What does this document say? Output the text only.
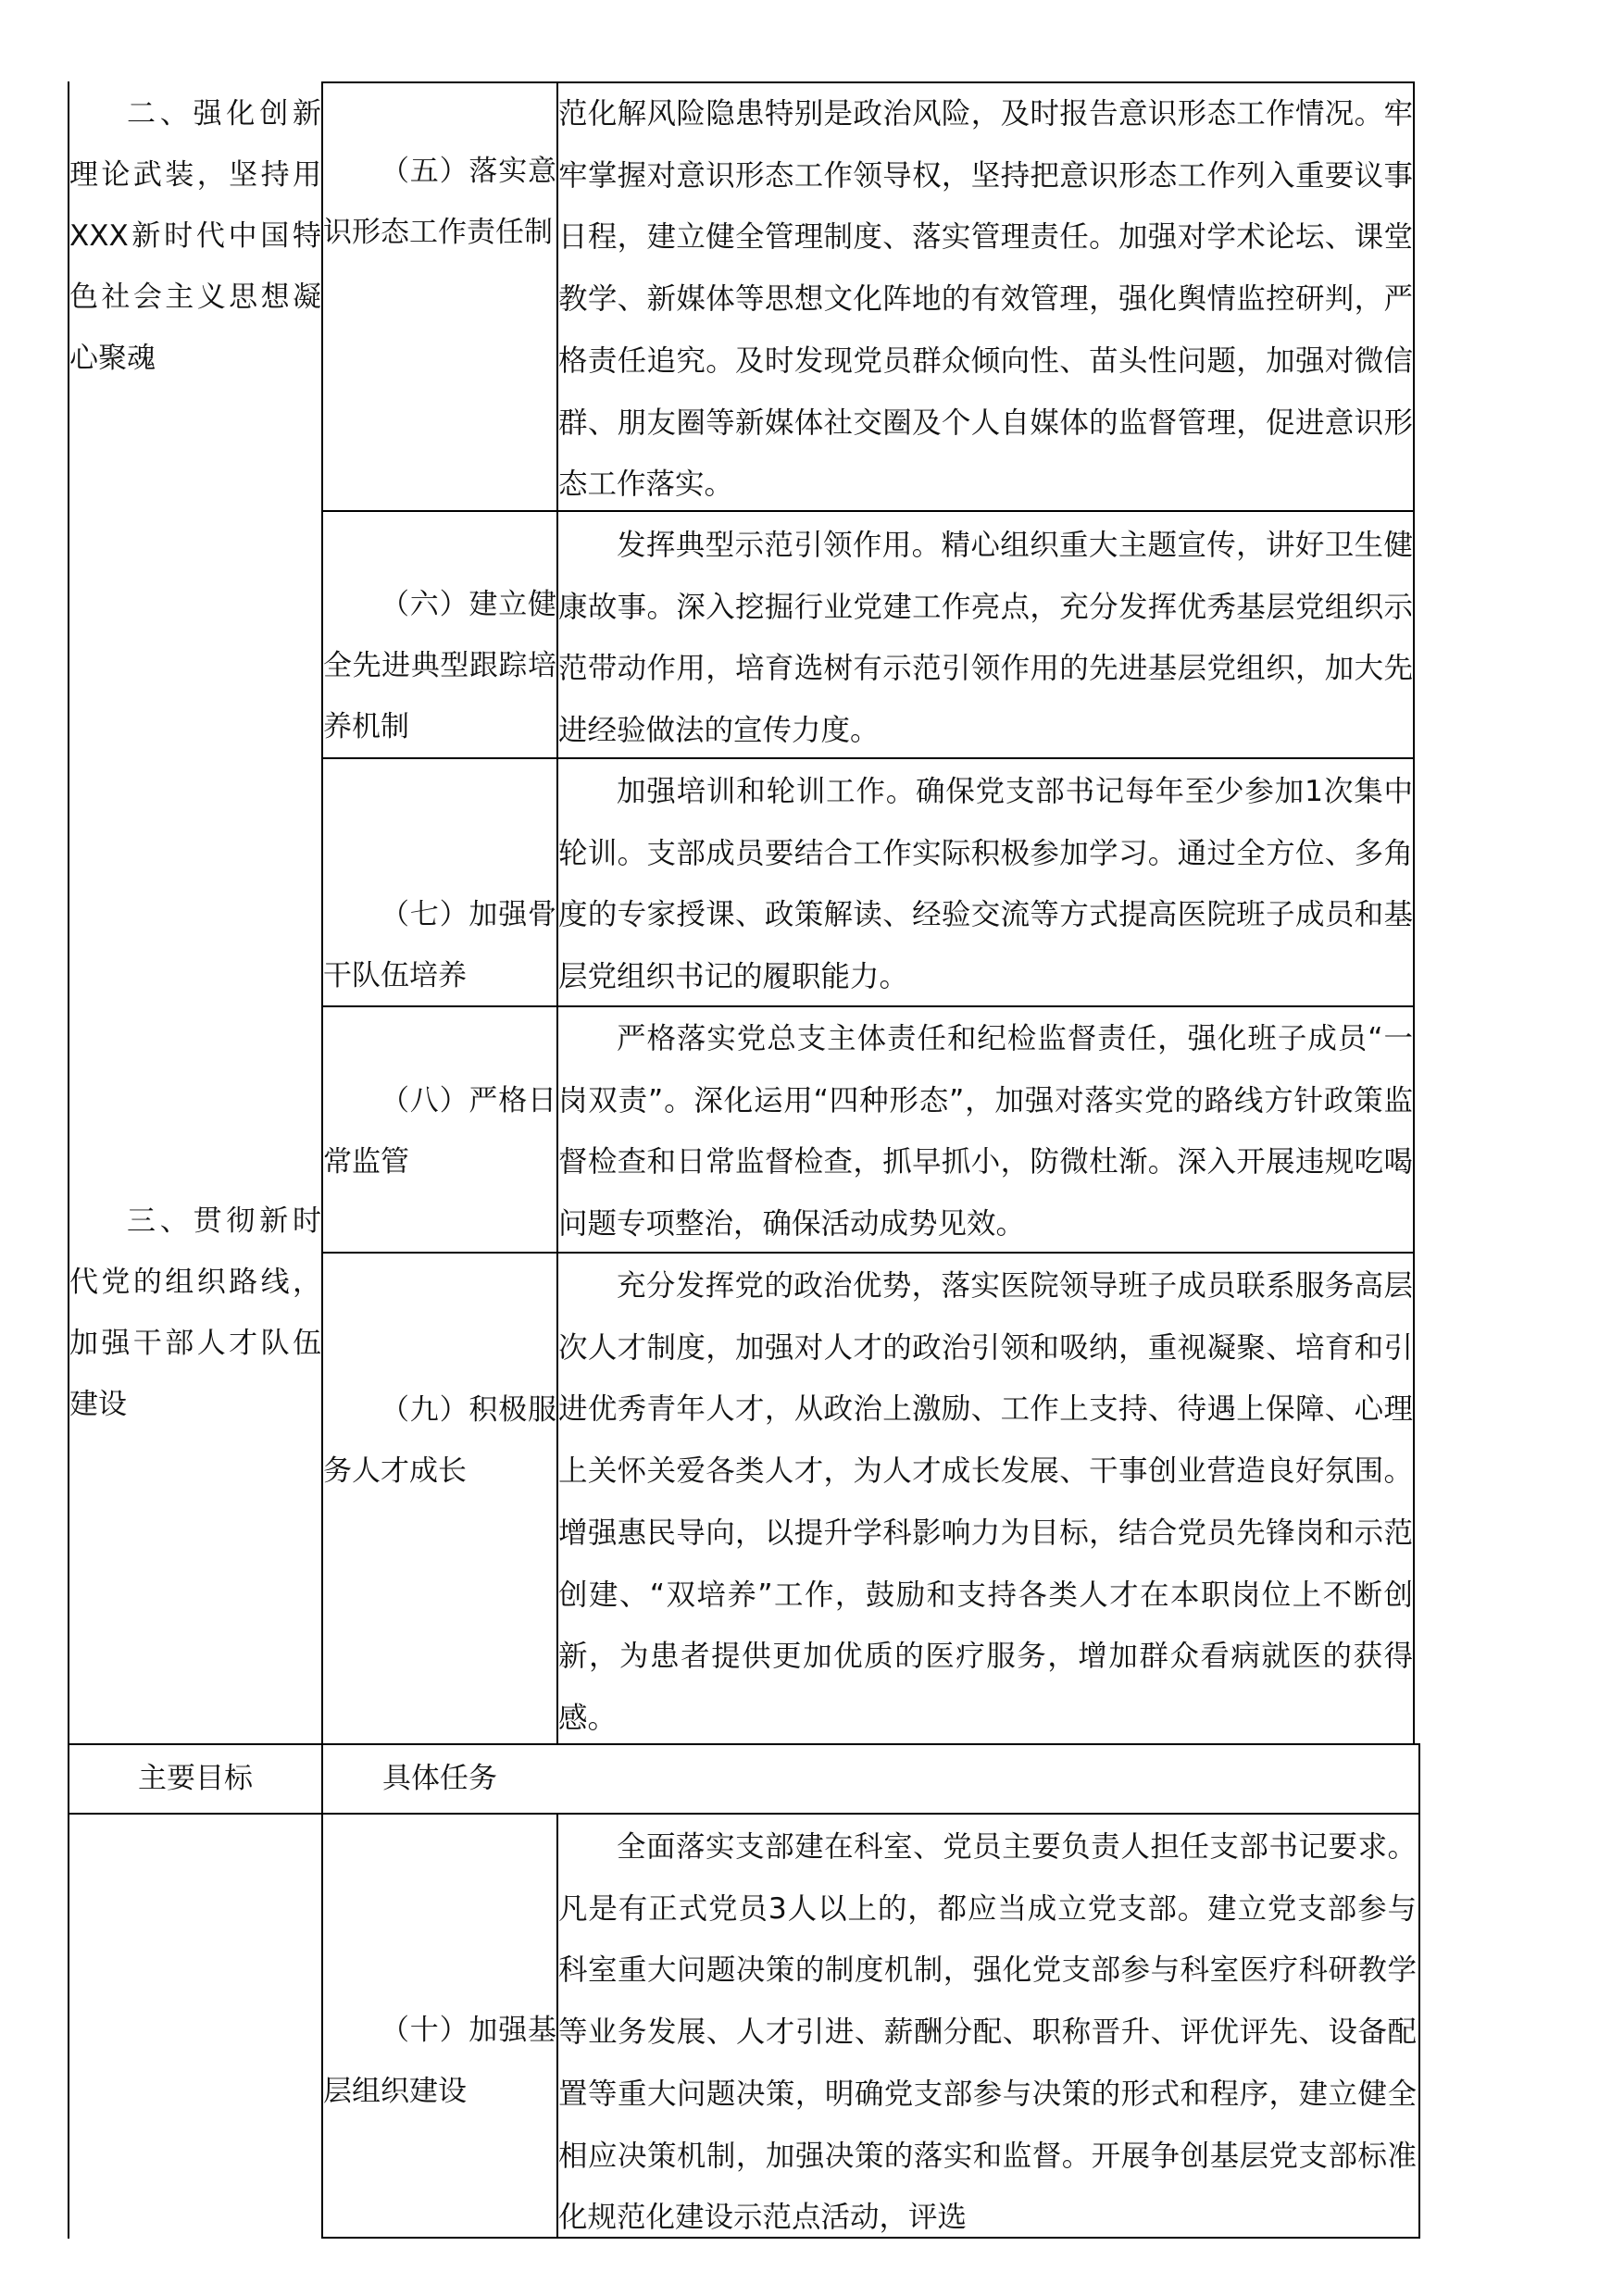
二、强化创新理论武装，坚持用XXX新时代中国特色社会主义思想凝心聚魂
（五）落实意识形态工作责任制
范化解风险隐患特别是政治风险，及时报告意识形态工作情况。牢牢掌握对意识形态工作领导权，坚持把意识形态工作列入重要议事日程，建立健全管理制度、落实管理责任。加强对学术论坛、课堂教学、新媒体等思想文化阵地的有效管理，强化舆情监控研判，严格责任追究。及时发现党员群众倾向性、苗头性问题，加强对微信群、朋友圈等新媒体社交圈及个人自媒体的监督管理，促进意识形态工作落实。
（六）建立健全先进典型跟踪培养机制
发挥典型示范引领作用。精心组织重大主题宣传，讲好卫生健康故事。深入挖掘行业党建工作亮点，充分发挥优秀基层党组织示范带动作用，培育选树有示范引领作用的先进基层党组织，加大先进经验做法的宣传力度。
三、贯彻新时代党的组织路线，加强干部人才队伍建设
（七）加强骨干队伍培养
加强培训和轮训工作。确保党支部书记每年至少参加1次集中轮训。支部成员要结合工作实际积极参加学习。通过全方位、多角度的专家授课、政策解读、经验交流等方式提高医院班子成员和基层党组织书记的履职能力。
（八）严格日常监管
严格落实党总支主体责任和纪检监督责任，强化班子成员“一岗双责”。深化运用“四种形态”，加强对落实党的路线方针政策监督检查和日常监督检查，抓早抓小，防微杜渐。深入开展违规吃喝问题专项整治，确保活动成势见效。
（九）积极服务人才成长
充分发挥党的政治优势，落实医院领导班子成员联系服务高层次人才制度，加强对人才的政治引领和吸纳，重视凝聚、培育和引进优秀青年人才，从政治上激励、工作上支持、待遇上保障、心理上关怀关爱各类人才，为人才成长发展、干事创业营造良好氛围。增强惠民导向，以提升学科影响力为目标，结合党员先锋岗和示范创建、“双培养”工作，鼓励和支持各类人才在本职岗位上不断创新，为患者提供更加优质的医疗服务，增加群众看病就医的获得感。
主要目标	具体任务
（十）加强基层组织建设
全面落实支部建在科室、党员主要负责人担任支部书记要求。凡是有正式党员3人以上的，都应当成立党支部。建立党支部参与科室重大问题决策的制度机制，强化党支部参与科室医疗科研教学等业务发展、人才引进、薪酬分配、职称晋升、评优评先、设备配置等重大问题决策，明确党支部参与决策的形式和程序，建立健全相应决策机制，加强决策的落实和监督。开展争创基层党支部标准化规范化建设示范点活动，评选
